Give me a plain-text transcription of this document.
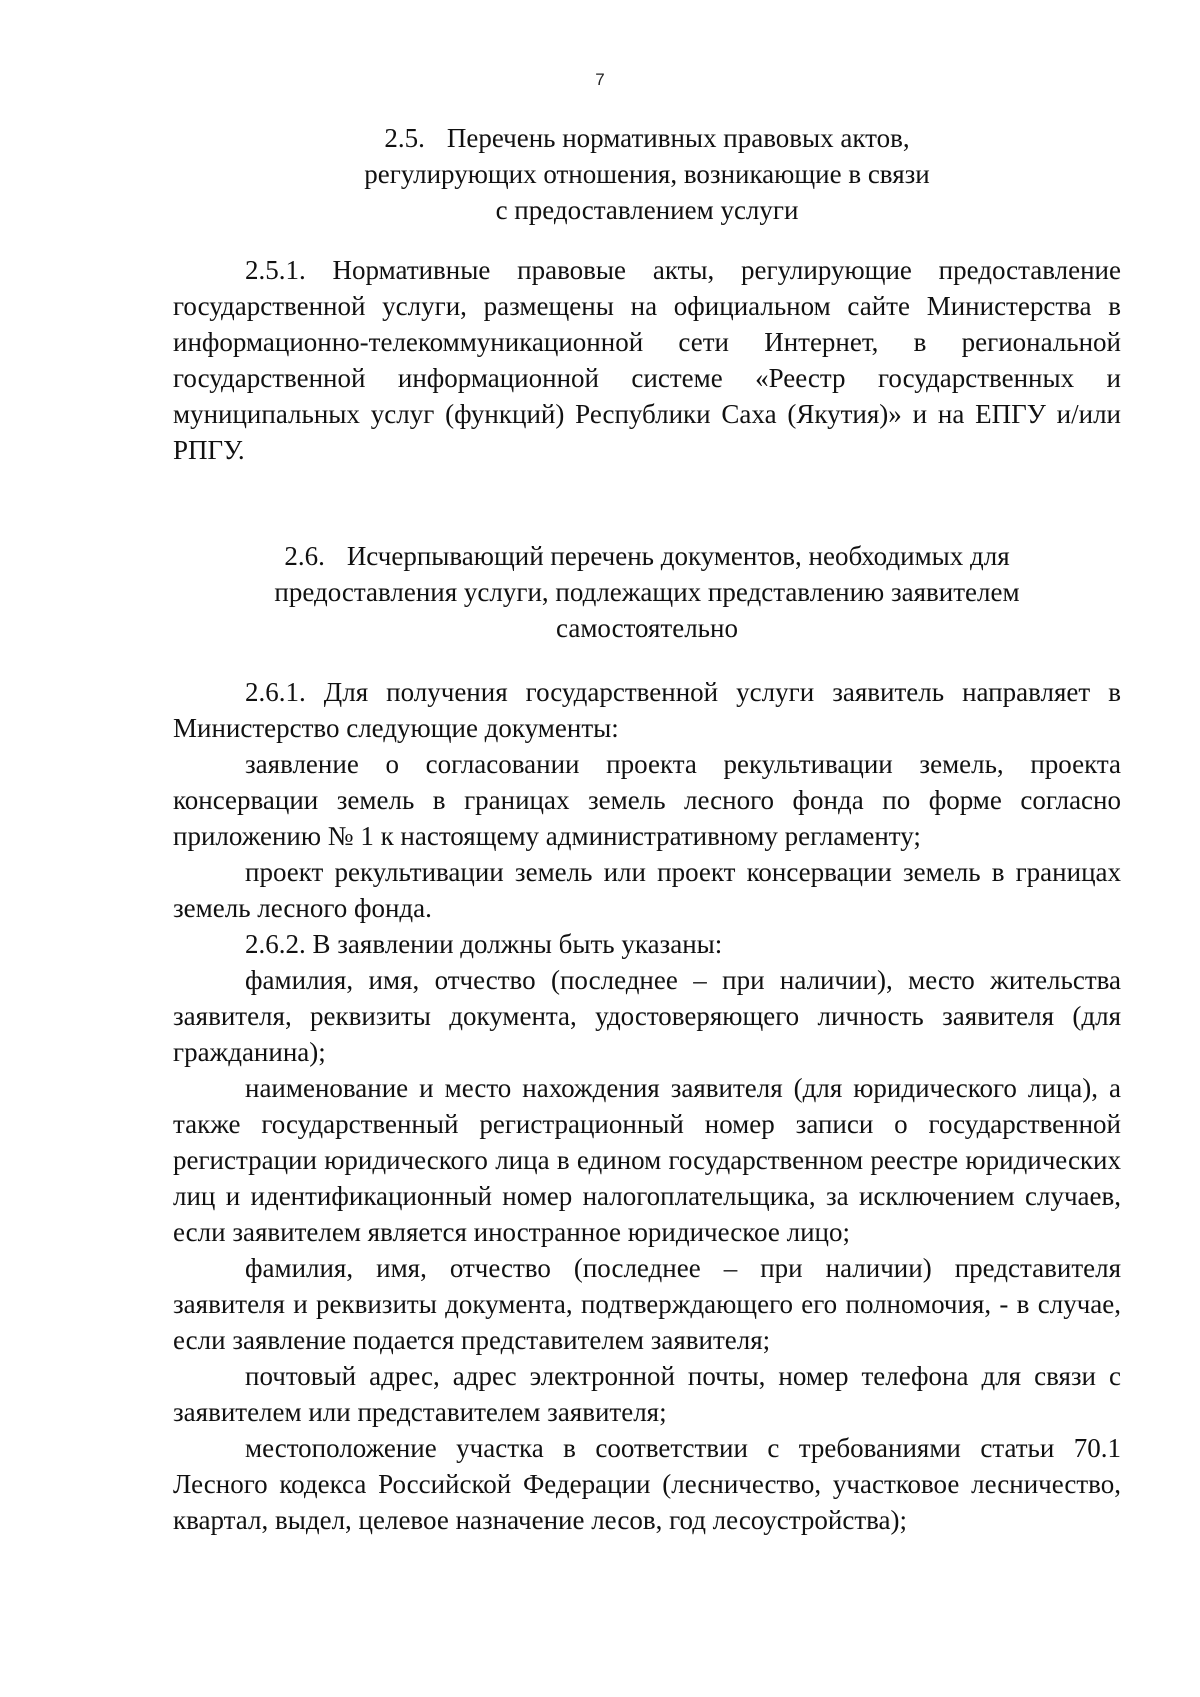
7
2.5. Перечень нормативных правовых актов,
регулирующих отношения, возникающие в связи
с предоставлением услуги

2.5.1. Нормативные правовые акты, регулирующие предоставление государственной услуги, размещены на официальном сайте Министерства в информационно-телекоммуникационной сети Интернет, в региональной государственной информационной системе «Реестр государственных и муниципальных услуг (функций) Республики Саха (Якутия)» и на ЕПГУ и/или РПГУ.

2.6. Исчерпывающий перечень документов, необходимых для
предоставления услуги, подлежащих представлению заявителем
самостоятельно

2.6.1. Для получения государственной услуги заявитель направляет в Министерство следующие документы:

заявление о согласовании проекта рекультивации земель, проекта консервации земель в границах земель лесного фонда по форме согласно приложению № 1 к настоящему административному регламенту;

проект рекультивации земель или проект консервации земель в границах земель лесного фонда.

2.6.2. В заявлении должны быть указаны:

фамилия, имя, отчество (последнее – при наличии), место жительства заявителя, реквизиты документа, удостоверяющего личность заявителя (для гражданина);

наименование и место нахождения заявителя (для юридического лица), а также государственный регистрационный номер записи о государственной регистрации юридического лица в едином государственном реестре юридических лиц и идентификационный номер налогоплательщика, за исключением случаев, если заявителем является иностранное юридическое лицо;

фамилия, имя, отчество (последнее – при наличии) представителя заявителя и реквизиты документа, подтверждающего его полномочия, - в случае, если заявление подается представителем заявителя;

почтовый адрес, адрес электронной почты, номер телефона для связи с заявителем или представителем заявителя;

местоположение участка в соответствии с требованиями статьи 70.1 Лесного кодекса Российской Федерации (лесничество, участковое лесничество, квартал, выдел, целевое назначение лесов, год лесоустройства);
